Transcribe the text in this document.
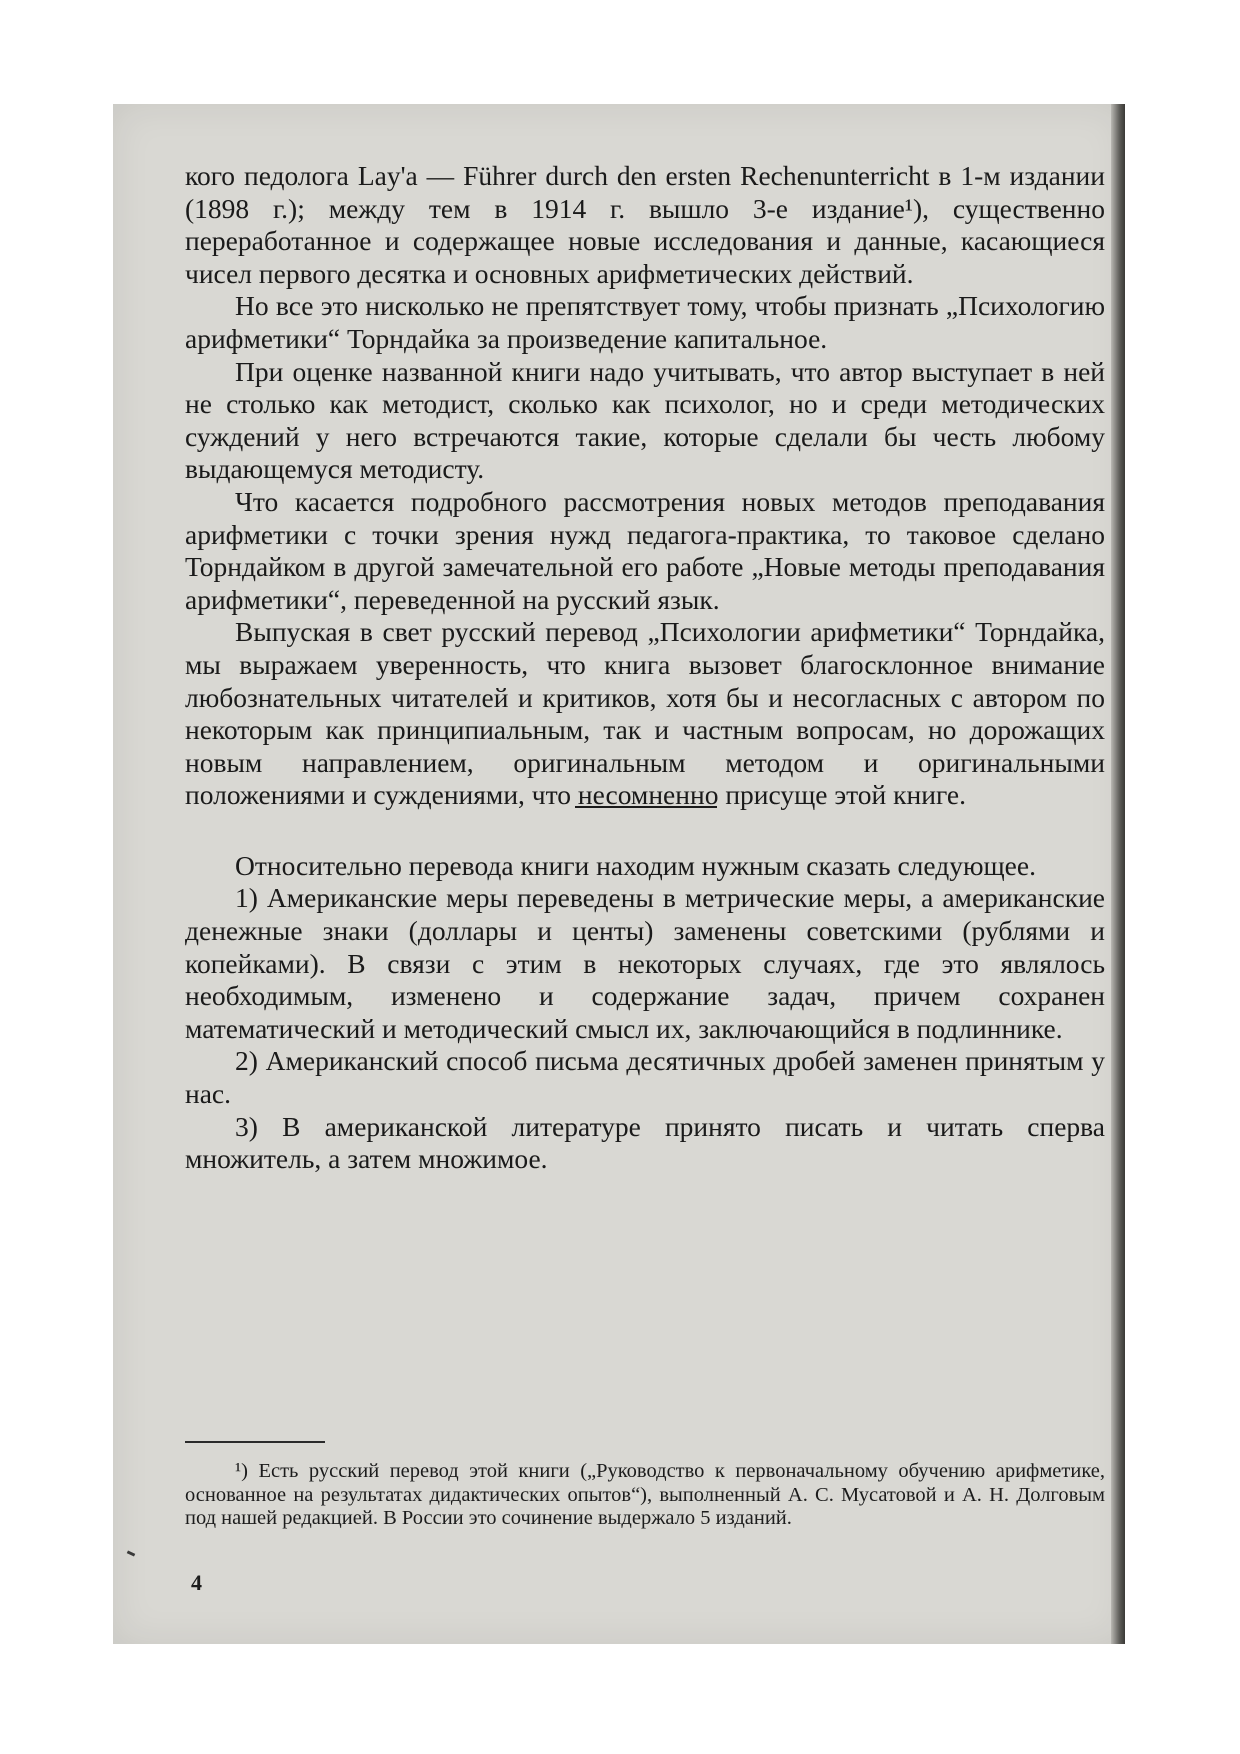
кого педолога Lay'a — Führer durch den ersten Rechenunterricht в 1-м издании (1898 г.); между тем в 1914 г. вышло 3-е издание¹), существенно переработанное и содержащее новые исследования и данные, касающиеся чисел первого десятка и основных арифметических действий.

Но все это нисколько не препятствует тому, чтобы признать „Психологию арифметики“ Торндайка за произведение капитальное.

При оценке названной книги надо учитывать, что автор выступает в ней не столько как методист, сколько как психолог, но и среди методических суждений у него встречаются такие, которые сделали бы честь любому выдающемуся методисту.

Что касается подробного рассмотрения новых методов преподавания арифметики с точки зрения нужд педагога-практика, то таковое сделано Торндайком в другой замечательной его работе „Новые методы преподавания арифметики“, переведенной на русский язык.

Выпуская в свет русский перевод „Психологии арифметики“ Торндайка, мы выражаем уверенность, что книга вызовет благосклонное внимание любознательных читателей и критиков, хотя бы и несогласных с автором по некоторым как принципиальным, так и частным вопросам, но дорожащих новым направлением, оригинальным методом и оригинальными положениями и суждениями, что несомненно присуще этой книге.

Относительно перевода книги находим нужным сказать следующее.

1) Американские меры переведены в метрические меры, а американские денежные знаки (доллары и центы) заменены советскими (рублями и копейками). В связи с этим в некоторых случаях, где это являлось необходимым, изменено и содержание задач, причем сохранен математический и методический смысл их, заключающийся в подлиннике.

2) Американский способ письма десятичных дробей заменен принятым у нас.

3) В американской литературе принято писать и читать сперва множитель, а затем множимое.

¹) Есть русский перевод этой книги („Руководство к первоначальному обучению арифметике, основанное на результатах дидактических опытов“), выполненный А. С. Мусатовой и А. Н. Долговым под нашей редакцией. В России это сочинение выдержало 5 изданий.
4
